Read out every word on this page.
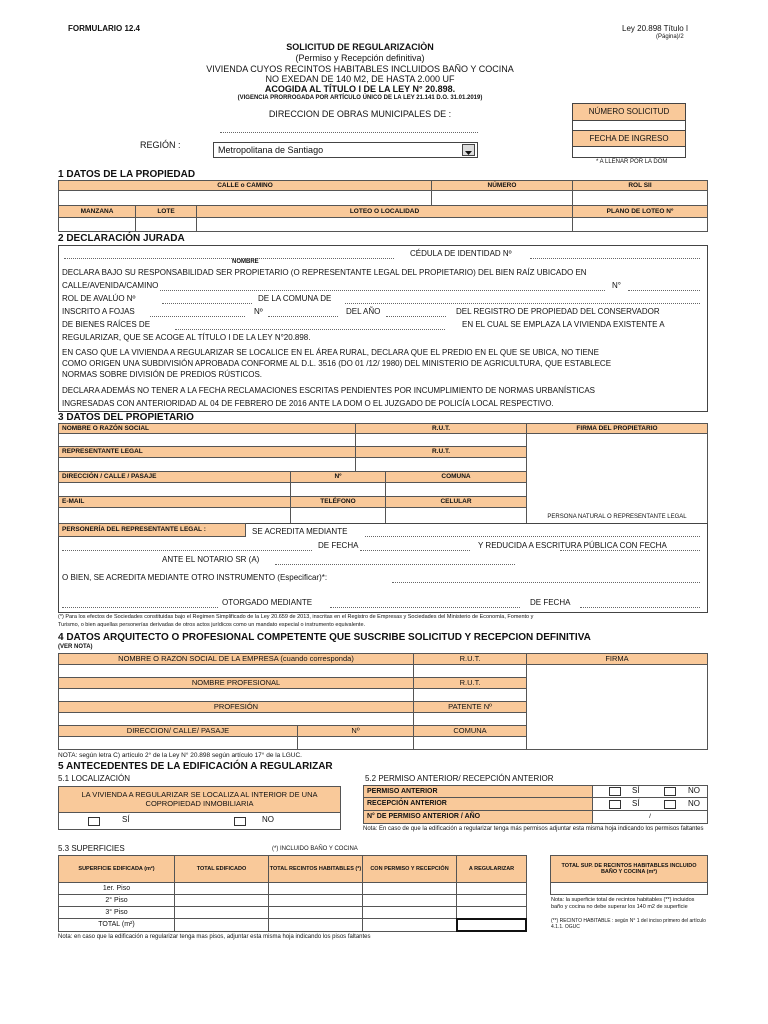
FORMULARIO 12.4	Ley 20.898 Título I
(Página)/2
SOLICITUD DE REGULARIZACIÒN
(Permiso y Recepción definitiva)
VIVIENDA CUYOS RECINTOS HABITABLES INCLUIDOS BAÑO Y COCINA
NO EXEDAN DE 140 M2, DE HASTA 2.000 UF
ACOGIDA AL TÍTULO I DE LA LEY N° 20.898.
(VIGENCIA PRORROGADA POR ARTÍCULO ÚNICO DE LA LEY 21.141 D.O. 31.01.2019)
DIRECCION DE OBRAS MUNICIPALES DE :
REGIÓN :	Metropolitana de Santiago
NÚMERO SOLICITUD
FECHA DE INGRESO
* A LLENAR POR LA DOM
1 DATOS DE LA PROPIEDAD
CALLE o CAMINO	NÚMERO	ROL SII
MANZANA	LOTE	LOTEO O LOCALIDAD	PLANO DE LOTEO Nº
2 DECLARACIÓN JURADA
CÉDULA DE IDENTIDAD Nº
NOMBRE
DECLARA BAJO SU RESPONSABILIDAD SER PROPIETARIO (O REPRESENTANTE LEGAL DEL PROPIETARIO) DEL BIEN RAÍZ UBICADO EN
CALLE/AVENIDA/CAMINO	N°
ROL DE AVALÚO Nº	DE LA COMUNA DE
INSCRITO A FOJAS	Nº	DEL AÑO	DEL REGISTRO DE PROPIEDAD DEL CONSERVADOR
DE BIENES RAÍCES DE	EN EL CUAL SE EMPLAZA LA VIVIENDA EXISTENTE A
REGULARIZAR, QUE SE ACOGE AL TÍTULO I DE LA LEY N°20.898.
EN CASO QUE LA VIVIENDA A REGULARIZAR SE LOCALICE EN EL ÁREA RURAL, DECLARA QUE EL PREDIO EN EL QUE SE UBICA, NO TIENE
COMO ORIGEN UNA SUBDIVISIÓN APROBADA CONFORME AL D.L. 3516 (DO 01 /12/ 1980) DEL MINISTERIO DE AGRICULTURA, QUE ESTABLECE
NORMAS SOBRE DIVISIÓN DE PREDIOS RÚSTICOS.
DECLARA ADEMÁS NO TENER A LA FECHA RECLAMACIONES ESCRITAS PENDIENTES POR INCUMPLIMIENTO DE NORMAS URBANÍSTICAS
INGRESADAS CON ANTERIORIDAD AL 04 DE FEBRERO DE 2016 ANTE LA DOM O EL JUZGADO DE POLICÍA LOCAL RESPECTIVO.
3 DATOS DEL PROPIETARIO
NOMBRE O RAZÓN SOCIAL	R.U.T.	FIRMA DEL PROPIETARIO
PERSONA NATURAL O REPRESENTANTE LEGAL
REPRESENTANTE LEGAL	R.U.T.
DIRECCIÓN / CALLE / PASAJE	Nº	COMUNA
E-MAIL	TELÉFONO	CELULAR
PERSONERÍA DEL REPRESENTANTE LEGAL :	SE ACREDITA MEDIANTE
DE FECHA	Y REDUCIDA A ESCRITURA PÚBLICA CON FECHA
ANTE EL NOTARIO SR (A)
O BIEN, SE ACREDITA MEDIANTE OTRO INSTRUMENTO (Especificar)*:
OTORGADO MEDIANTE	DE FECHA
(*) Para los efectos de Sociedades constituidas bajo el Regimen Simplificado de la Ley 20.659 de 2013, inscritas en el Registro de Empresas y Sociedades del Ministerio de Economía, Fomento y
Turismo, o bien aquellas personerías derivadas de otros actos jurídicos como un mandato especial o instrumento equivalente.
4 DATOS ARQUITECTO O PROFESIONAL COMPETENTE QUE SUSCRIBE SOLICITUD Y RECEPCION DEFINITIVA
(VER NOTA)
NOMBRE O RAZON SOCIAL DE LA EMPRESA (cuando corresponda)	R.U.T.	FIRMA
NOMBRE PROFESIONAL	R.U.T.
PROFESIÓN	PATENTE Nº
DIRECCION/ CALLE/ PASAJE	Nº	COMUNA
NOTA: según letra C) artículo 2° de la Ley N° 20.898 según artículo 17° de la LGUC.
5 ANTECEDENTES DE LA EDIFICACIÓN A REGULARIZAR
5.1 LOCALIZACIÓN
LA VIVIENDA A REGULARIZAR SE LOCALIZA AL INTERIOR DE UNA COPROPIEDAD INMOBILIARIA
SÍ	NO
5.2 PERMISO ANTERIOR/ RECEPCIÓN ANTERIOR
PERMISO ANTERIOR	SÍ	NO
RECEPCIÓN ANTERIOR	SÍ	NO
N° DE PERMISO ANTERIOR / AÑO	/
Nota: En caso de que la edificación a regularizar tenga más permisos adjuntar esta misma hoja indicando los permisos faltantes
5.3 SUPERFICIES	(*) INCLUIDO BAÑO Y COCINA
SUPERFICIE EDIFICADA (m²)	TOTAL EDIFICADO	TOTAL RECINTOS HABITABLES (*)	CON PERMISO Y RECEPCIÓN	A REGULARIZAR
1er. Piso
2° Piso
3° Piso
TOTAL (m²)
TOTAL SUP. DE RECINTOS HABITABLES INCLUIDO BAÑO Y COCINA (m²)
Nota: la superficie total de recintos habitables (**) incluidos baño y cocina no debe superar los 140 m2 de superficie
(**) RECINTO HABITABLE : según N° 1 del inciso primero del artículo 4.1.1. OGUC
Nota: en caso que la edificación a regularizar tenga mas pisos, adjuntar esta misma hoja indicando los pisos faltantes
